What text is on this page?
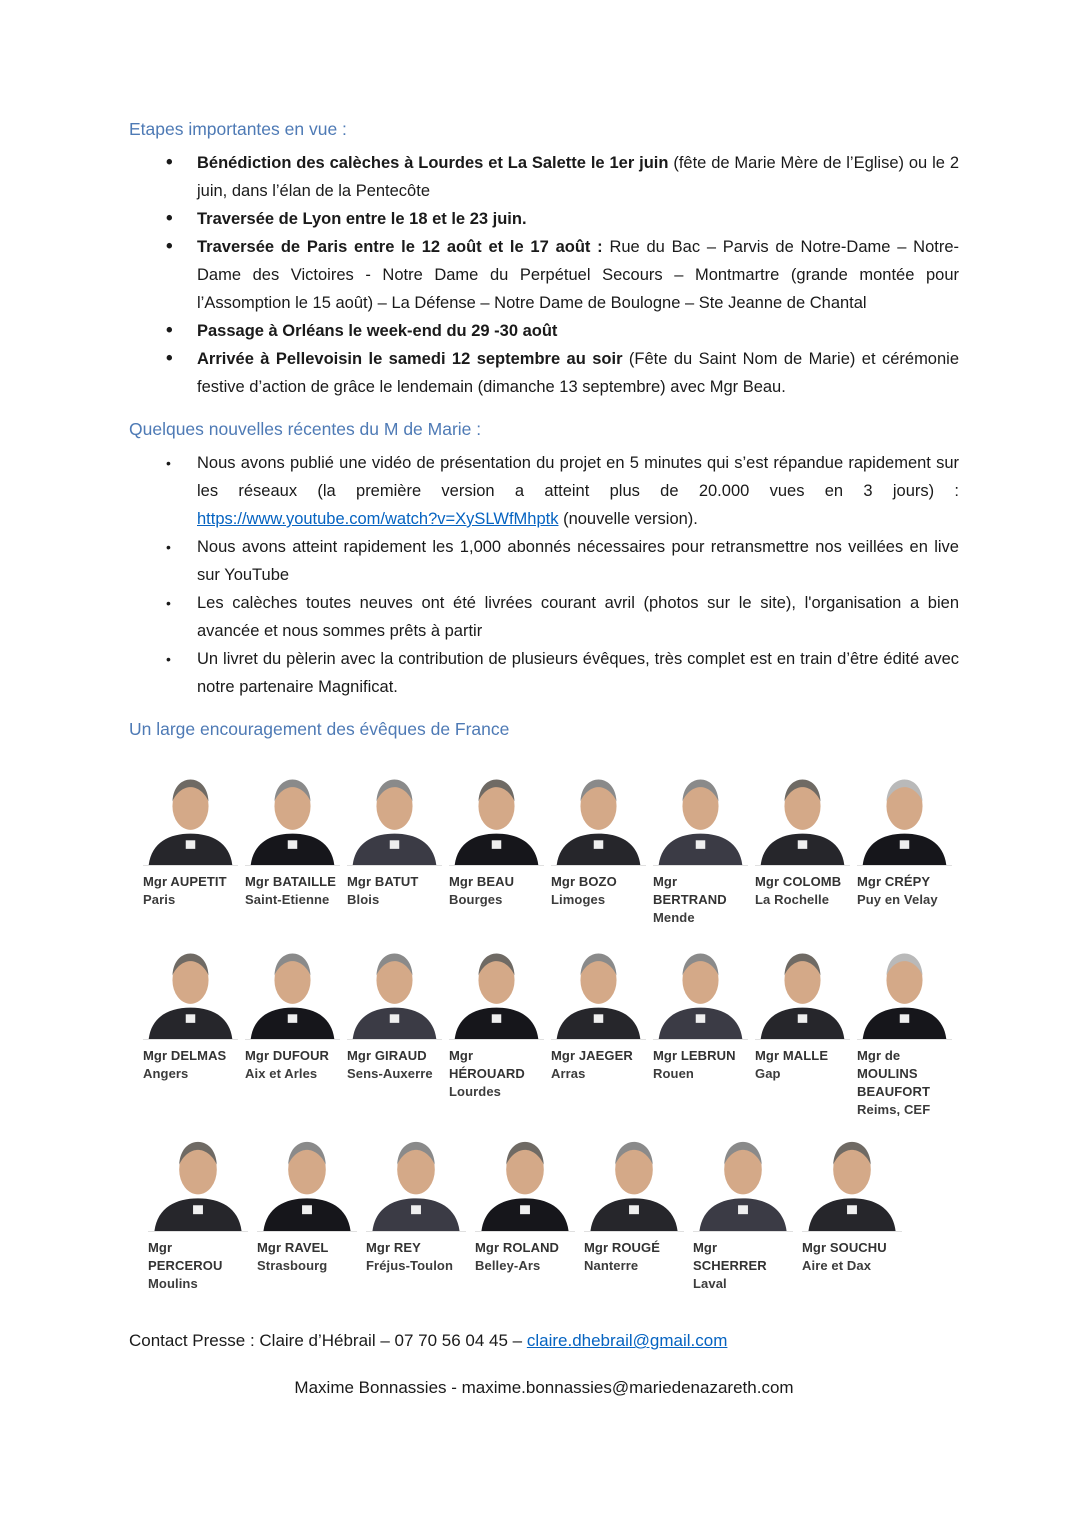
Etapes importantes en vue :
• Bénédiction des calèches à Lourdes et La Salette le 1er juin (fête de Marie Mère de l’Eglise) ou le 2 juin, dans l’élan de la Pentecôte
• Traversée de Lyon entre le 18 et le 23 juin.
• Traversée de Paris entre le 12 août et le 17 août : Rue du Bac – Parvis de Notre-Dame – Notre-Dame des Victoires - Notre Dame du Perpétuel Secours – Montmartre (grande montée pour l’Assomption le 15 août) – La Défense – Notre Dame de Boulogne – Ste Jeanne de Chantal
• Passage à Orléans le week-end du 29 -30 août
• Arrivée à Pellevoisin le samedi 12 septembre au soir (Fête du Saint Nom de Marie) et cérémonie festive d’action de grâce le lendemain (dimanche 13 septembre) avec Mgr Beau.
Quelques nouvelles récentes du M de Marie :
• Nous avons publié une vidéo de présentation du projet en 5 minutes qui s’est répandue rapidement sur les réseaux (la première version a atteint plus de 20.000 vues en 3 jours) : https://www.youtube.com/watch?v=XySLWfMhptk (nouvelle version).
• Nous avons atteint rapidement les 1,000 abonnés nécessaires pour retransmettre nos veillées en live sur YouTube
• Les calèches toutes neuves ont été livrées courant avril (photos sur le site), l'organisation a bien avancée et nous sommes prêts à partir
• Un livret du pèlerin avec la contribution de plusieurs évêques, très complet est en train d’être édité avec notre partenaire Magnificat.
Un large encouragement des évêques de France
Mgr AUPETIT
Paris
Mgr BATAILLE
Saint-Etienne
Mgr BATUT
Blois
Mgr BEAU
Bourges
Mgr BOZO
Limoges
Mgr BERTRAND
Mende
Mgr COLOMB
La Rochelle
Mgr CRÉPY
Puy en Velay
Mgr DELMAS
Angers
Mgr DUFOUR
Aix et Arles
Mgr GIRAUD
Sens-Auxerre
Mgr HÉROUARD
Lourdes
Mgr JAEGER
Arras
Mgr LEBRUN
Rouen
Mgr MALLE
Gap
Mgr de MOULINS BEAUFORT
Reims, CEF
Mgr PERCEROU
Moulins
Mgr RAVEL
Strasbourg
Mgr REY
Fréjus-Toulon
Mgr ROLAND
Belley-Ars
Mgr ROUGÉ
Nanterre
Mgr SCHERRER
Laval
Mgr SOUCHU
Aire et Dax

Contact Presse : Claire d’Hébrail – 07 70 56 04 45 – claire.dhebrail@gmail.com

Maxime Bonnassies - maxime.bonnassies@mariedenazareth.com
